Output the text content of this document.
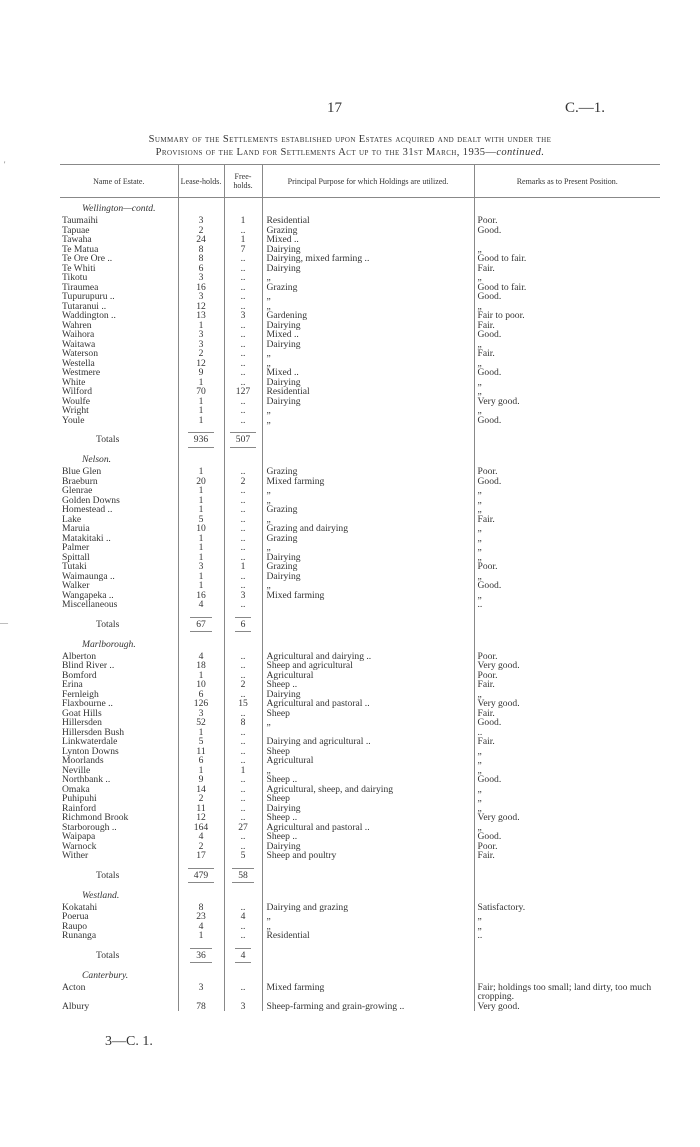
17	C.—1.
Summary of the Settlements established upon Estates acquired and dealt with under the
Provisions of the Land for Settlements Act up to the 31st March, 1935—continued.
'
—
Name of Estate.	Lease-holds.	Free-holds.	Principal Purpose for which Holdings are utilized.	Remarks as to Present Position.
Wellington—contd.				
Taumaihi	3	1	Residential	Poor.
Tapuae	2	..	Grazing	Good.
Tawaha	24	1	Mixed ..	
Te Matua	8	7	Dairying	„
Te Ore Ore ..	8	..	Dairying, mixed farming ..	Good to fair.
Te Whiti	6	..	Dairying	Fair.
Tikotu	3	..	„	„
Tiraumea	16	..	Grazing	Good to fair.
Tupurupuru ..	3	..	„	Good.
Tutaranui ..	12	..	„	„
Waddington ..	13	3	Gardening	Fair to poor.
Wahren	1	..	Dairying	Fair.
Waihora	3	..	Mixed ..	Good.
Waitawa	3	..	Dairying	„
Waterson	2	..	„	Fair.
Westella	12	..	„	„
Westmere	9	..	Mixed ..	Good.
White	1	..	Dairying	„
Wilford	70	127	Residential	„
Woulfe	1	..	Dairying	Very good.
Wright	1	..	„	„
Youle	1	..	„	Good.
Totals	936	507		
Nelson.				
Blue Glen	1	..	Grazing	Poor.
Braeburn	20	2	Mixed farming	Good.
Glenrae	1	..	„	„
Golden Downs	1	..	„	„
Homestead ..	1	..	Grazing	„
Lake	5	..	„	Fair.
Maruia	10	..	Grazing and dairying	„
Matakitaki ..	1	..	Grazing	„
Palmer	1	..	„	„
Spittall	1	..	Dairying	„
Tutaki	3	1	Grazing	Poor.
Waimaunga ..	1	..	Dairying	„
Walker	1	..	„	Good.
Wangapeka ..	16	3	Mixed farming	„
Miscellaneous	4	..		..
Totals	67	6		
Marlborough.				
Alberton	4	..	Agricultural and dairying ..	Poor.
Blind River ..	18	..	Sheep and agricultural	Very good.
Bomford	1	..	Agricultural	Poor.
Erina	10	2	Sheep ..	Fair.
Fernleigh	6	..	Dairying	„
Flaxbourne ..	126	15	Agricultural and pastoral ..	Very good.
Goat Hills	3	..	Sheep	Fair.
Hillersden	52	8	„	Good.
Hillersden Bush	1	..		..
Linkwaterdale	5	..	Dairying and agricultural ..	Fair.
Lynton Downs	11	..	Sheep	„
Moorlands	6	..	Agricultural	„
Neville	1	1	„	„
Northbank ..	9	..	Sheep ..	Good.
Omaka	14	..	Agricultural, sheep, and dairying	„
Puhipuhi	2	..	Sheep	„
Rainford	11	..	Dairying	„
Richmond Brook	12	..	Sheep ..	Very good.
Starborough ..	164	27	Agricultural and pastoral ..	„
Waipapa	4	..	Sheep ..	Good.
Warnock	2	..	Dairying	Poor.
Wither	17	5	Sheep and poultry	Fair.
Totals	479	58		
Westland.				
Kokatahi	8	..	Dairying and grazing	Satisfactory.
Poerua	23	4	„	„
Raupo	4	..	„	„
Runanga	1	..	Residential	..
Totals	36	4		
Canterbury.				
Acton	3	..	Mixed farming	Fair; holdings too small; land dirty, too much cropping.
Albury	78	3	Sheep-farming and grain-growing ..	Very good.
3—C. 1.
